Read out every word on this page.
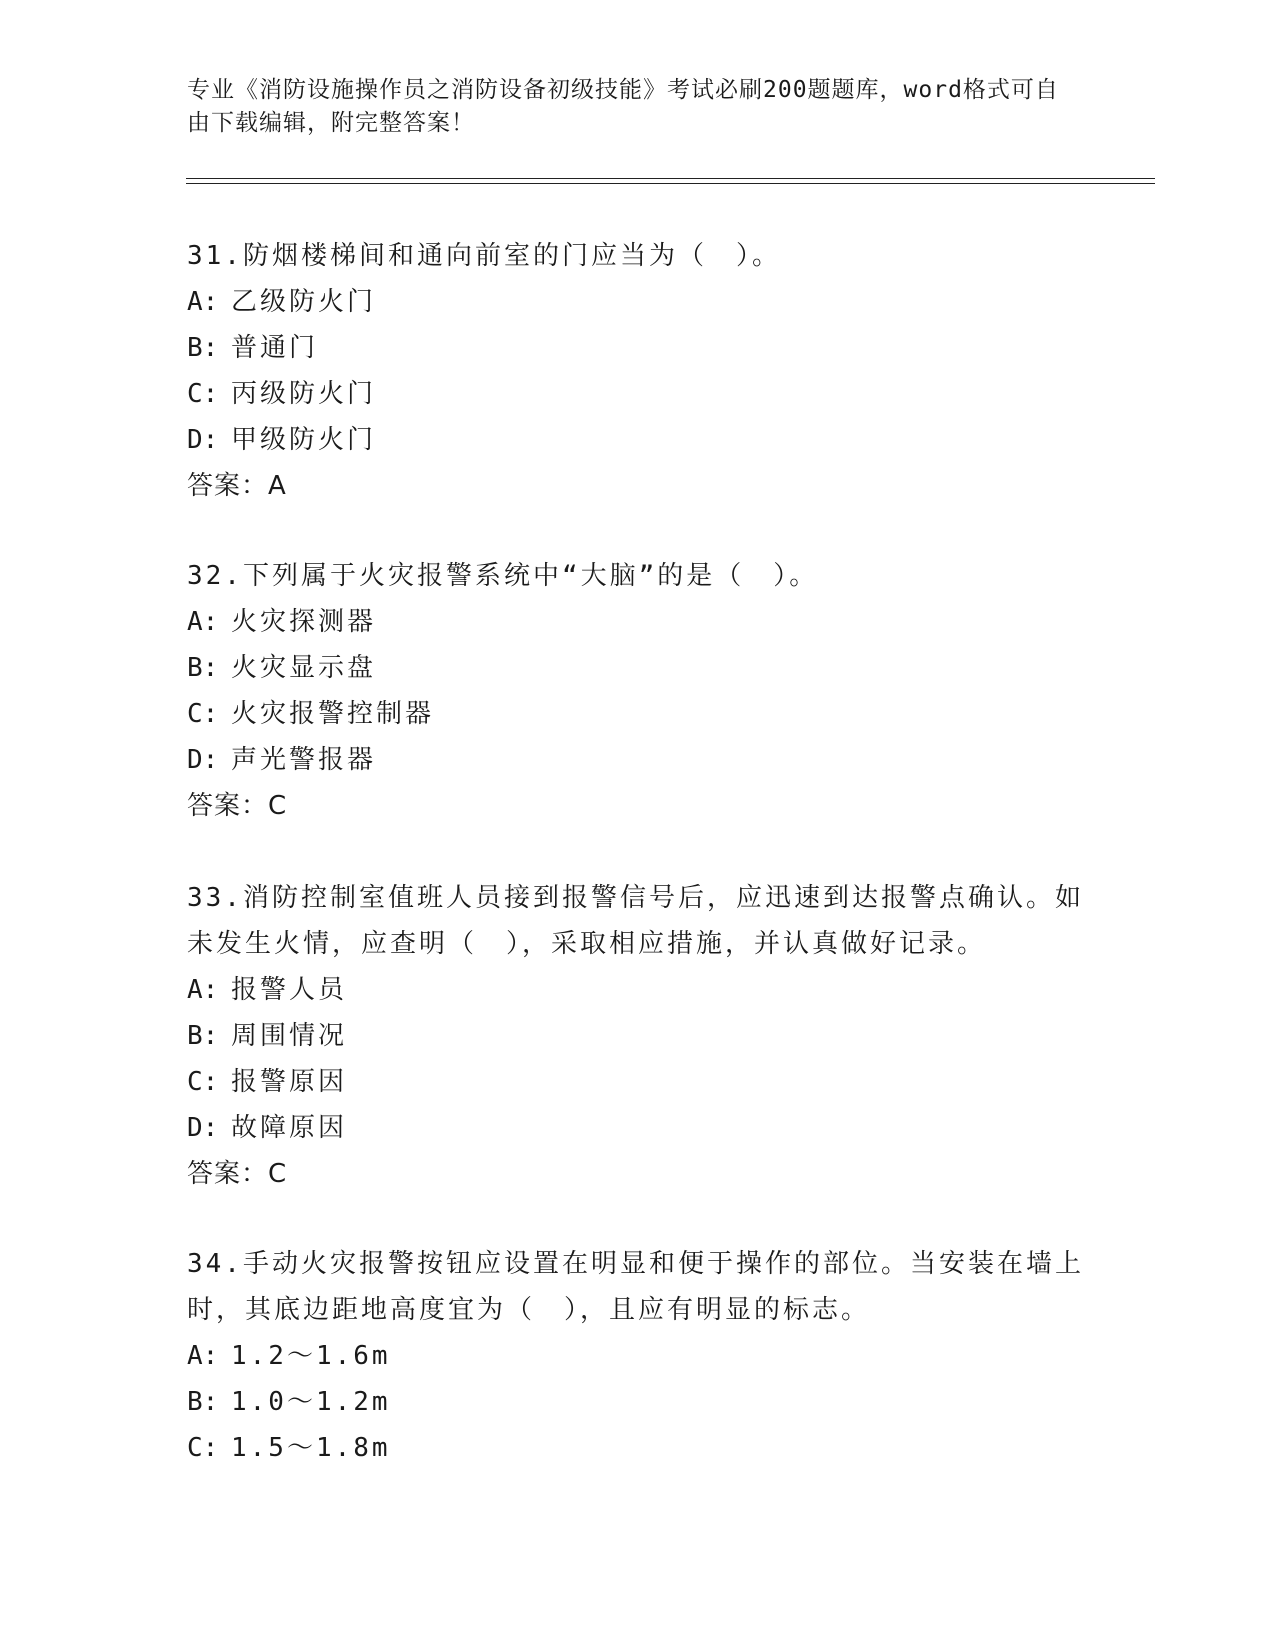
专业《消防设施操作员之消防设备初级技能》考试必刷200题题库，word格式可自由下载编辑，附完整答案！

31.防烟楼梯间和通向前室的门应当为（　）。

A: 乙级防火门
B: 普通门
C: 丙级防火门
D: 甲级防火门
答案：A

32.下列属于火灾报警系统中“大脑”的是（　）。

A: 火灾探测器
B: 火灾显示盘
C: 火灾报警控制器
D: 声光警报器
答案：C

33.消防控制室值班人员接到报警信号后，应迅速到达报警点确认。如未发生火情，应查明（　），采取相应措施，并认真做好记录。

A: 报警人员
B: 周围情况
C: 报警原因
D: 故障原因
答案：C

34.手动火灾报警按钮应设置在明显和便于操作的部位。当安装在墙上时，其底边距地高度宜为（　），且应有明显的标志。

A: 1.2～1.6m
B: 1.0～1.2m
C: 1.5～1.8m
